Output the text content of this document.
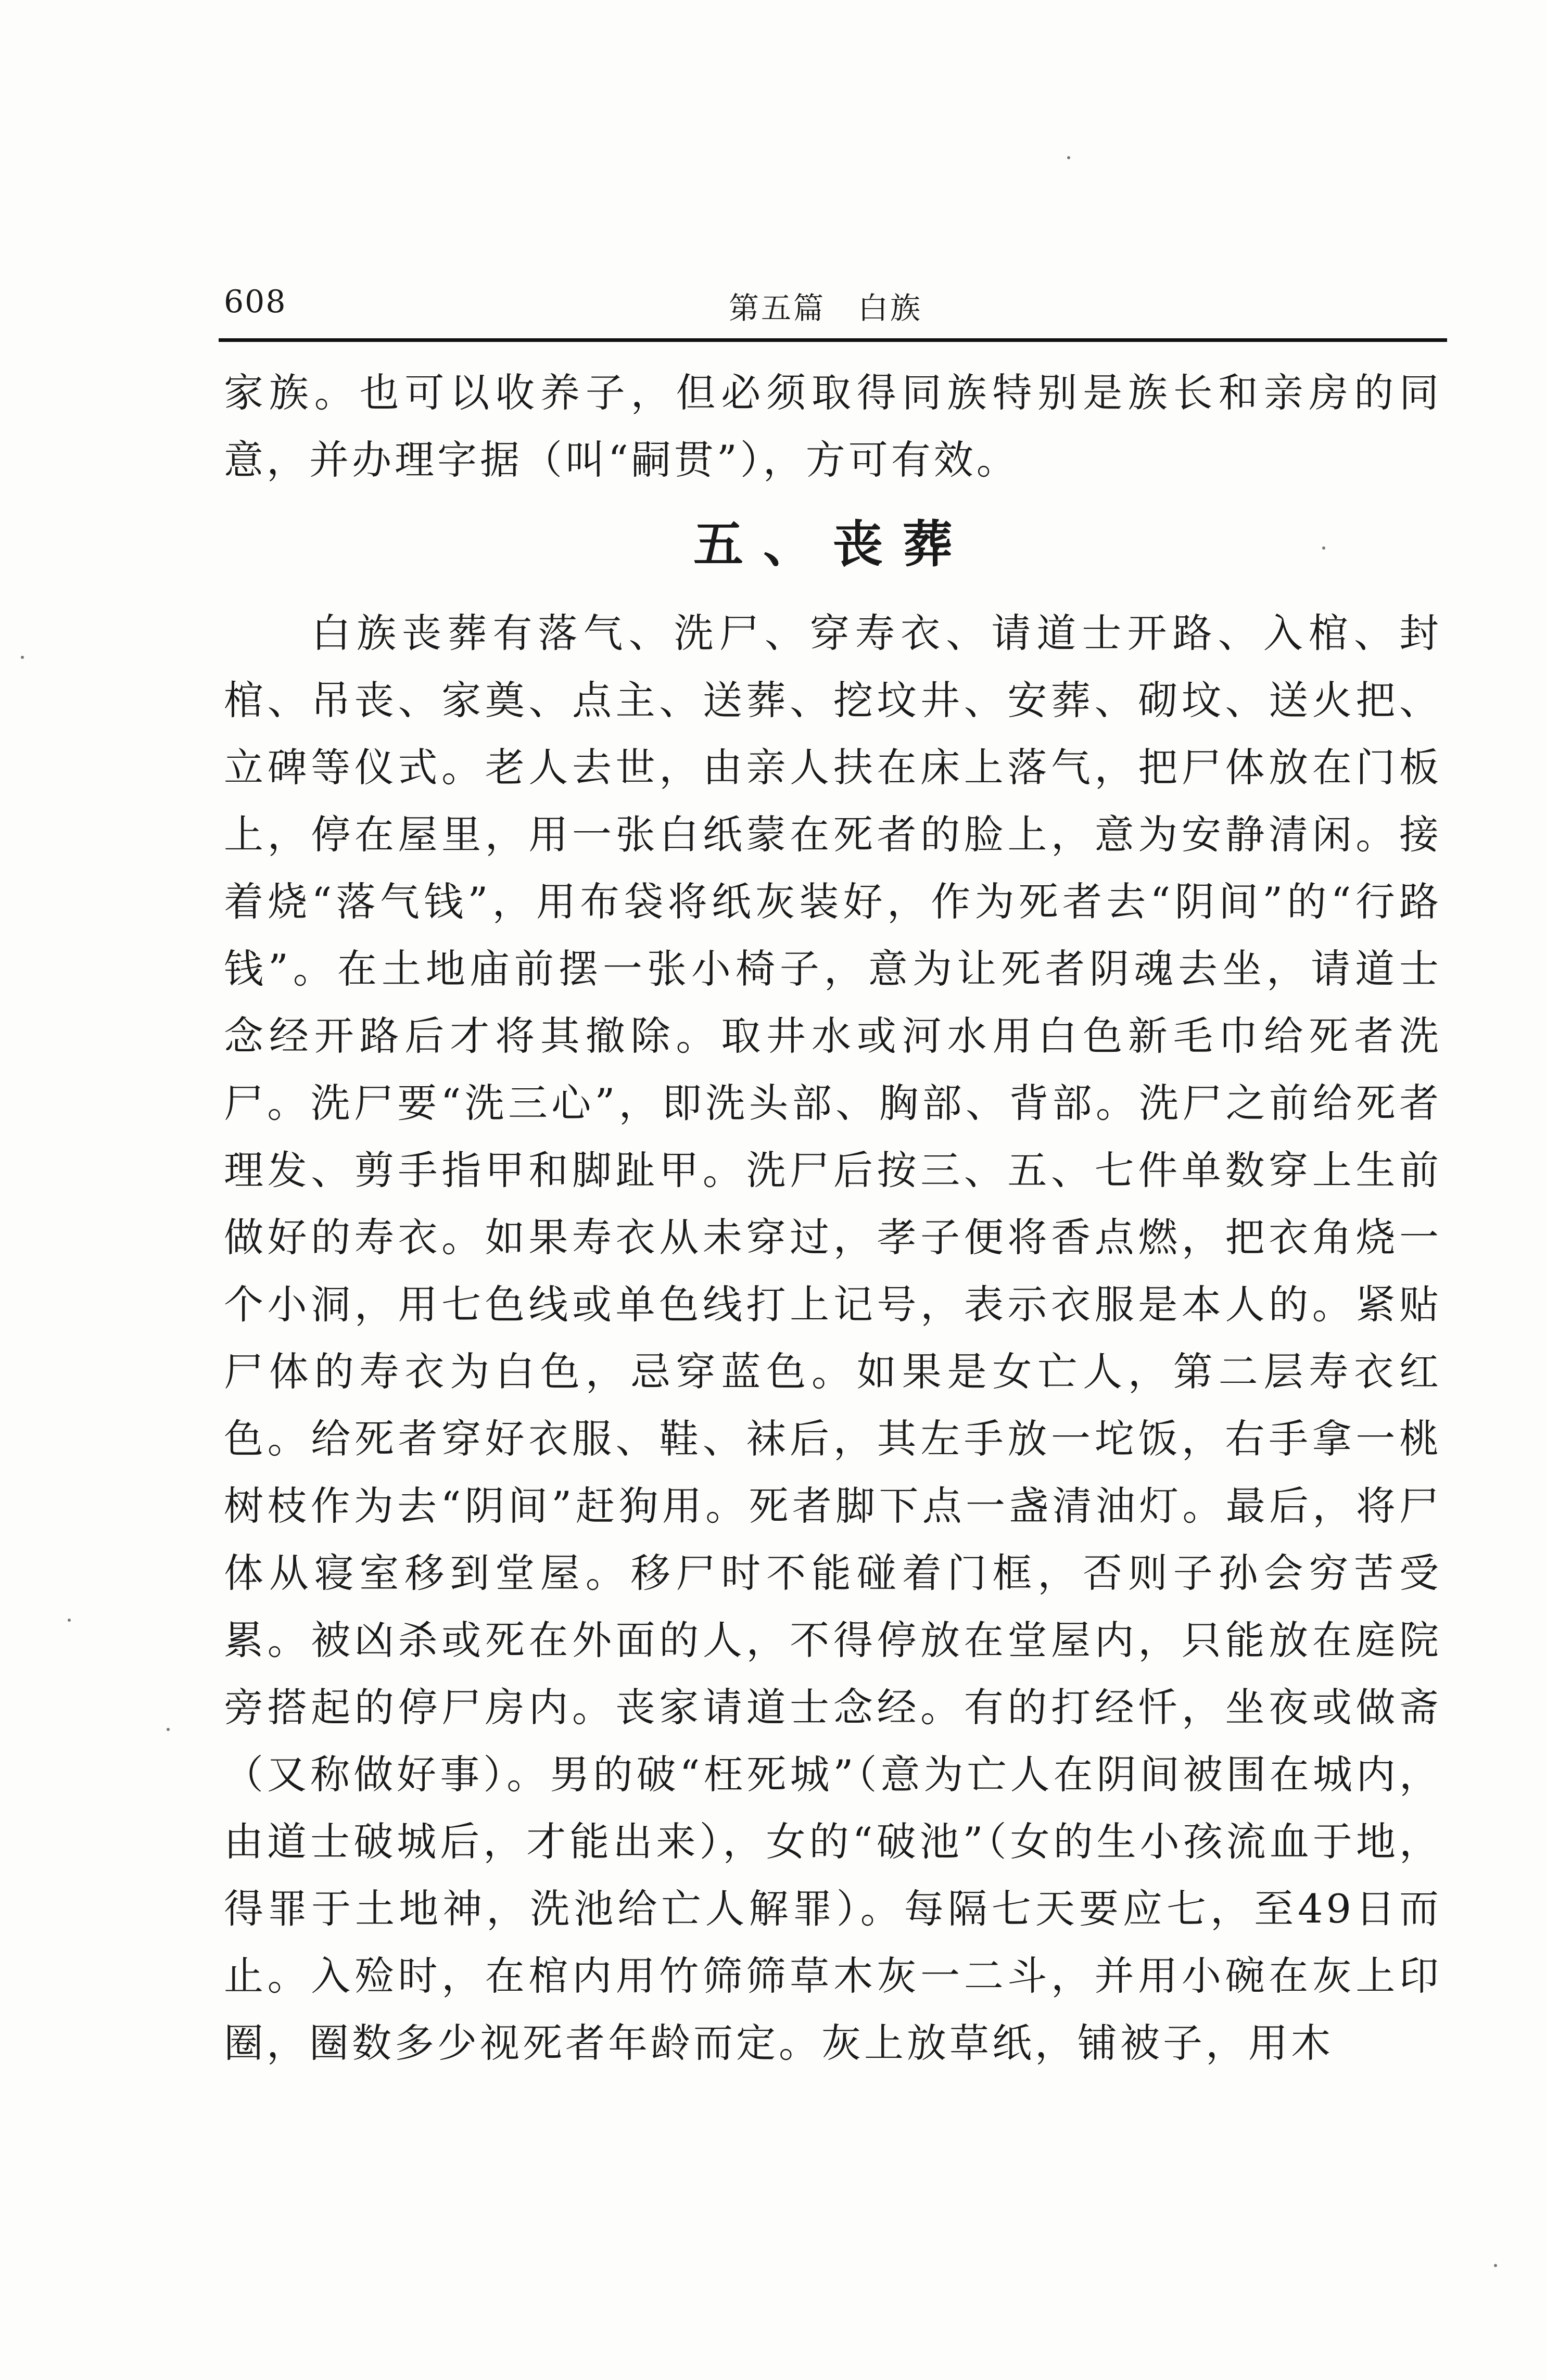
608	第五篇　白族

家族。也可以收养子，但必须取得同族特别是族长和亲房的同意，并办理字据（叫“嗣贯”），方可有效。

五、丧葬

白族丧葬有落气、洗尸、穿寿衣、请道士开路、入棺、封棺、吊丧、家奠、点主、送葬、挖坟井、安葬、砌坟、送火把、立碑等仪式。老人去世，由亲人扶在床上落气，把尸体放在门板上，停在屋里，用一张白纸蒙在死者的脸上，意为安静清闲。接着烧“落气钱”，用布袋将纸灰装好，作为死者去“阴间”的“行路钱”。在土地庙前摆一张小椅子，意为让死者阴魂去坐，请道士念经开路后才将其撤除。取井水或河水用白色新毛巾给死者洗尸。洗尸要“洗三心”，即洗头部、胸部、背部。洗尸之前给死者理发、剪手指甲和脚趾甲。洗尸后按三、五、七件单数穿上生前做好的寿衣。如果寿衣从未穿过，孝子便将香点燃，把衣角烧一个小洞，用七色线或单色线打上记号，表示衣服是本人的。紧贴尸体的寿衣为白色，忌穿蓝色。如果是女亡人，第二层寿衣红色。给死者穿好衣服、鞋、袜后，其左手放一坨饭，右手拿一桃树枝作为去“阴间”赶狗用。死者脚下点一盏清油灯。最后，将尸体从寝室移到堂屋。移尸时不能碰着门框，否则子孙会穷苦受累。被凶杀或死在外面的人，不得停放在堂屋内，只能放在庭院旁搭起的停尸房内。丧家请道士念经。有的打经忏，坐夜或做斋（又称做好事）。男的破“枉死城”（意为亡人在阴间被围在城内，由道士破城后，才能出来），女的“破池”（女的生小孩流血于地，得罪于土地神，洗池给亡人解罪）。每隔七天要应七，至49日而止。入殓时，在棺内用竹筛筛草木灰一二斗，并用小碗在灰上印圈，圈数多少视死者年龄而定。灰上放草纸，铺被子，用木
